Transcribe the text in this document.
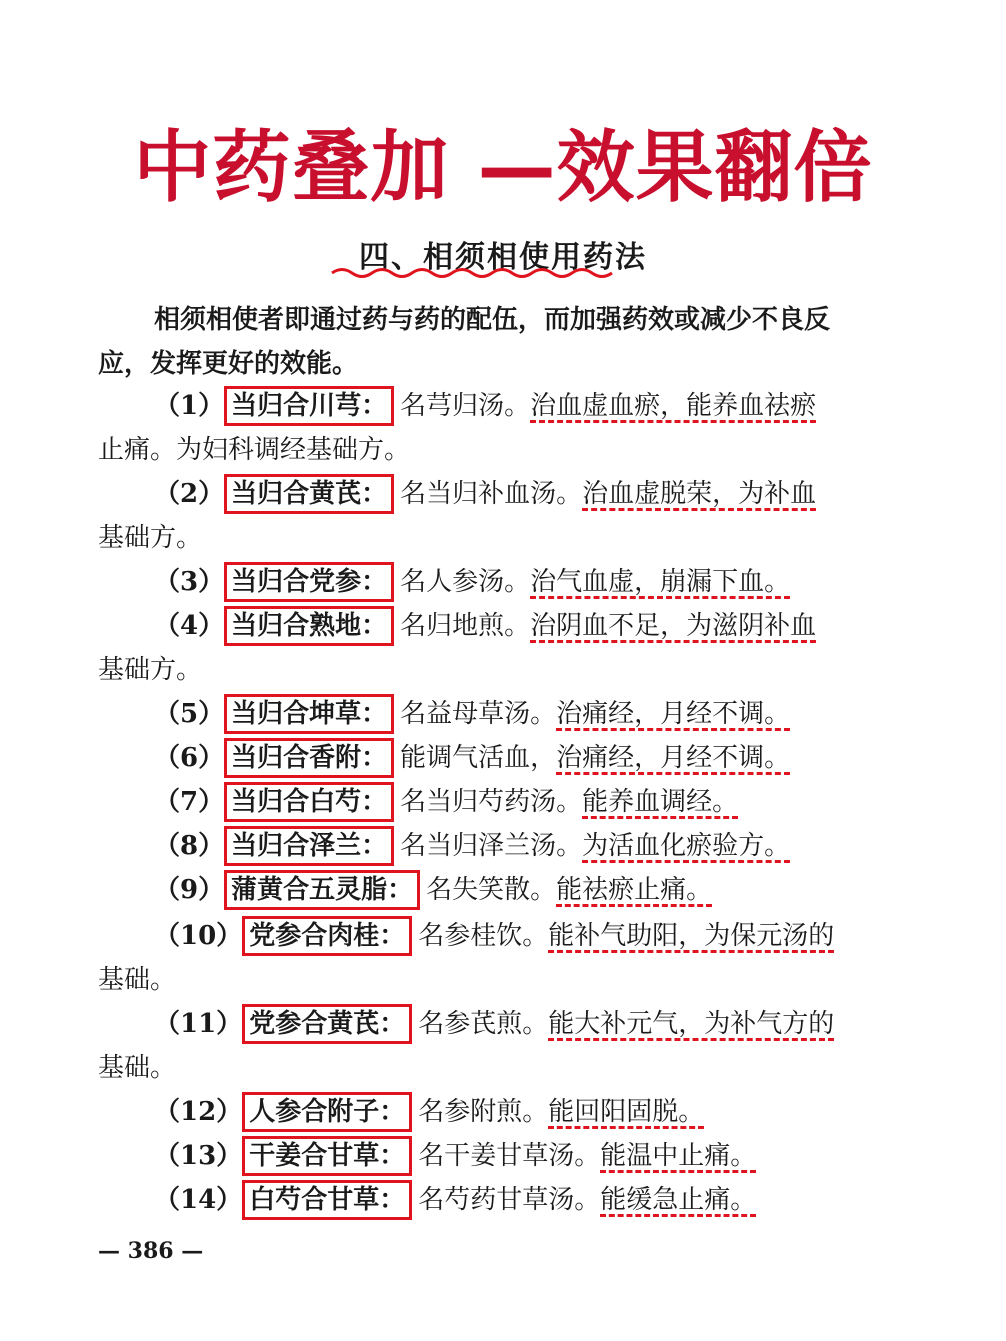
中药叠加 —效果翻倍
四、相须相使用药法
相须相使者即通过药与药的配伍，而加强药效或减少不良反应，发挥更好的效能。
（1） 当归合川芎： 名芎归汤。治血虚血瘀，能养血祛瘀
止痛。为妇科调经基础方。
（2） 当归合黄芪： 名当归补血汤。治血虚脱荣，为补血
基础方。
（3） 当归合党参： 名人参汤。治气血虚，崩漏下血。
（4） 当归合熟地： 名归地煎。治阴血不足，为滋阴补血
基础方。
（5） 当归合坤草： 名益母草汤。治痛经，月经不调。
（6） 当归合香附： 能调气活血，治痛经，月经不调。
（7） 当归合白芍： 名当归芍药汤。能养血调经。
（8） 当归合泽兰： 名当归泽兰汤。为活血化瘀验方。
（9） 蒲黄合五灵脂： 名失笑散。能祛瘀止痛。
（10） 党参合肉桂： 名参桂饮。能补气助阳，为保元汤的
基础。
（11） 党参合黄芪： 名参芪煎。能大补元气，为补气方的
基础。
（12） 人参合附子： 名参附煎。能回阳固脱。
（13） 干姜合甘草： 名干姜甘草汤。能温中止痛。
（14） 白芍合甘草： 名芍药甘草汤。能缓急止痛。
— 386 —
